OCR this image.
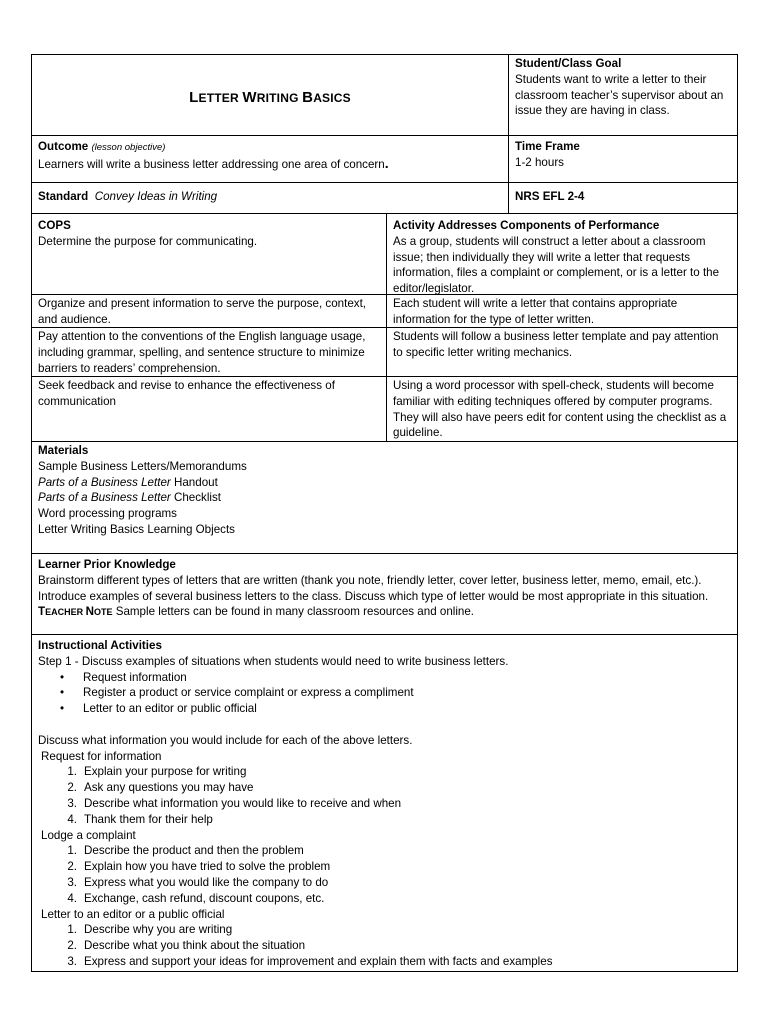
LETTER WRITING BASICS
Student/Class Goal
Students want to write a letter to their
classroom teacher’s supervisor about an
issue they are having in class.
Outcome (lesson objective)
Learners will write a business letter addressing one area of concern.
Time Frame
1-2 hours
Standard Convey Ideas in Writing	NRS EFL 2-4
COPS
Determine the purpose for communicating.
Activity Addresses Components of Performance
As a group, students will construct a letter about a classroom
issue; then individually they will write a letter that requests
information, files a complaint or complement, or is a letter to the
editor/legislator.
Organize and present information to serve the purpose, context,
and audience.
Each student will write a letter that contains appropriate
information for the type of letter written.
Pay attention to the conventions of the English language usage,
including grammar, spelling, and sentence structure to minimize
barriers to readers’ comprehension.
Students will follow a business letter template and pay attention
to specific letter writing mechanics.
Seek feedback and revise to enhance the effectiveness of
communication
Using a word processor with spell-check, students will become
familiar with editing techniques offered by computer programs.
They will also have peers edit for content using the checklist as a
guideline.
Materials
Sample Business Letters/Memorandums
Parts of a Business Letter Handout
Parts of a Business Letter Checklist
Word processing programs
Letter Writing Basics Learning Objects
Learner Prior Knowledge
Brainstorm different types of letters that are written (thank you note, friendly letter, cover letter, business letter, memo, email, etc.).
Introduce examples of several business letters to the class. Discuss which type of letter would be most appropriate in this situation.
TEACHER NOTE Sample letters can be found in many classroom resources and online.
Instructional Activities
Step 1 - Discuss examples of situations when students would need to write business letters.
• Request information
• Register a product or service complaint or express a compliment
• Letter to an editor or public official
Discuss what information you would include for each of the above letters.
Request for information
1. Explain your purpose for writing
2. Ask any questions you may have
3. Describe what information you would like to receive and when
4. Thank them for their help
Lodge a complaint
1. Describe the product and then the problem
2. Explain how you have tried to solve the problem
3. Express what you would like the company to do
4. Exchange, cash refund, discount coupons, etc.
Letter to an editor or a public official
1. Describe why you are writing
2. Describe what you think about the situation
3. Express and support your ideas for improvement and explain them with facts and examples
